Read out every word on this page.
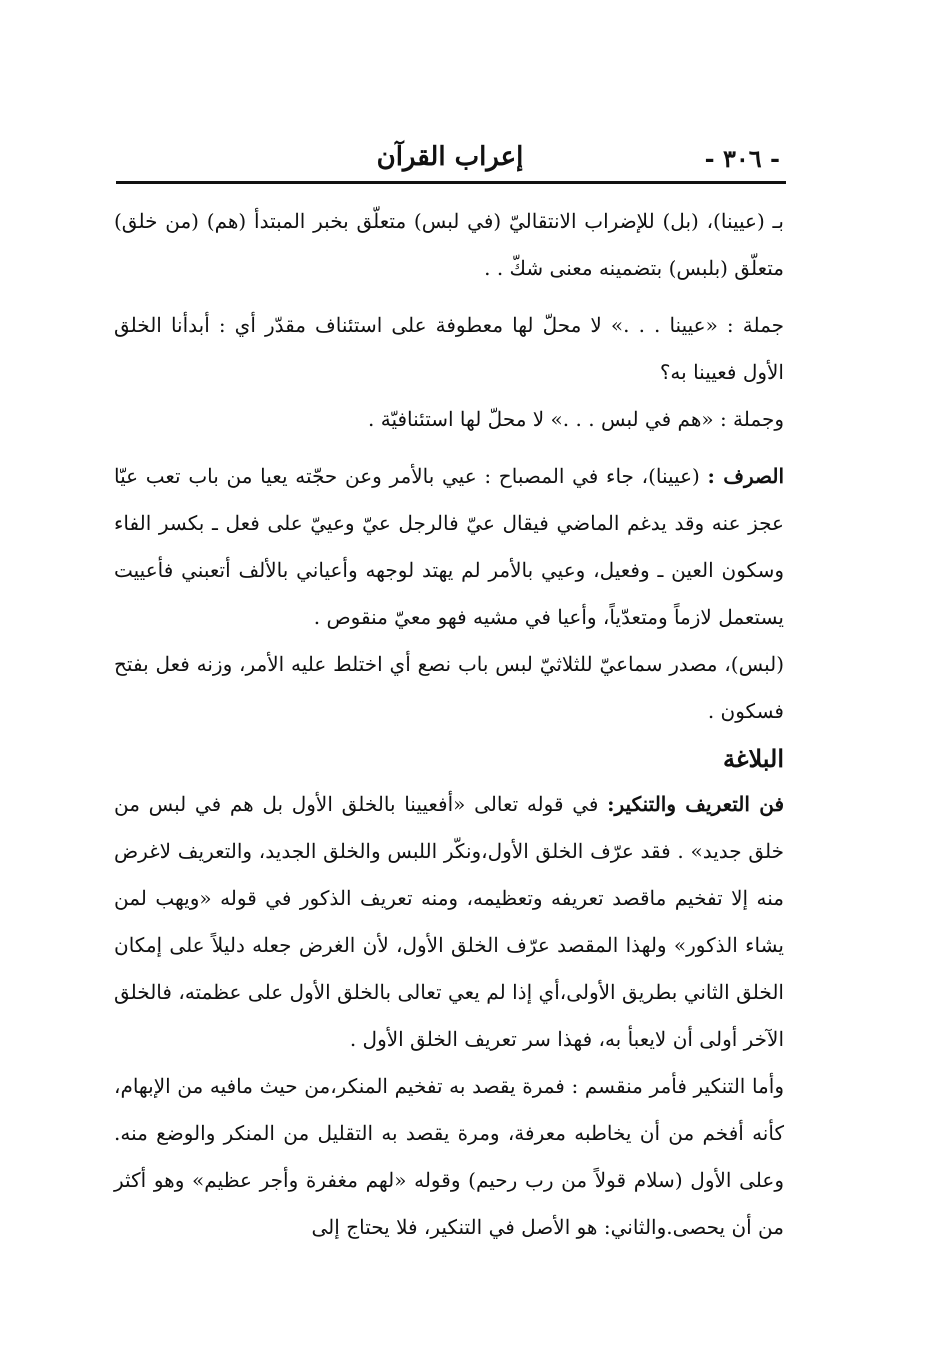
- ٣٠٦ -
إعراب القرآن

بـ (عيينا)، (بل) للإضراب الانتقاليّ (في لبس) متعلّق بخبر المبتدأ (هم) (من خلق) متعلّق (بلبس) بتضمينه معنى شكّ . .

جملة : «عيينا . . .» لا محلّ لها معطوفة على استئناف مقدّر أي : أبدأنا الخلق الأول فعيينا به؟

وجملة : «هم في لبس . . .» لا محلّ لها استئنافيّة .

الصرف : (عيينا)، جاء في المصباح : عيي بالأمر وعن حجّته يعيا من باب تعب عيّا عجز عنه وقد يدغم الماضي فيقال عيّ فالرجل عيّ وعييّ على فعل ـ بكسر الفاء وسكون العين ـ وفعيل، وعيي بالأمر لم يهتد لوجهه وأعياني بالألف أتعبني فأعييت يستعمل لازماً ومتعدّياً، وأعيا في مشيه فهو معيّ منقوص .

(لبس)، مصدر سماعيّ للثلاثيّ لبس باب نصع أي اختلط عليه الأمر، وزنه فعل بفتح فسكون .

البلاغة

فن التعريف والتنكير: في قوله تعالى «أفعيينا بالخلق الأول بل هم في لبس من خلق جديد» . فقد عرّف الخلق الأول،ونكّر اللبس والخلق الجديد، والتعريف لاغرض منه إلا تفخيم ماقصد تعريفه وتعظيمه، ومنه تعريف الذكور في قوله «ويهب لمن يشاء الذكور» ولهذا المقصد عرّف الخلق الأول، لأن الغرض جعله دليلاً على إمكان الخلق الثاني بطريق الأولى،أي إذا لم يعي تعالى بالخلق الأول على عظمته، فالخلق الآخر أولى أن لايعبأ به، فهذا سر تعريف الخلق الأول .

وأما التنكير فأمر منقسم : فمرة يقصد به تفخيم المنكر،من حيث مافيه من الإبهام، كأنه أفخم من أن يخاطبه معرفة، ومرة يقصد به التقليل من المنكر والوضع منه. وعلى الأول (سلام قولاً من رب رحيم) وقوله «لهم مغفرة وأجر عظيم» وهو أكثر من أن يحصى.والثاني: هو الأصل في التنكير، فلا يحتاج إلى
